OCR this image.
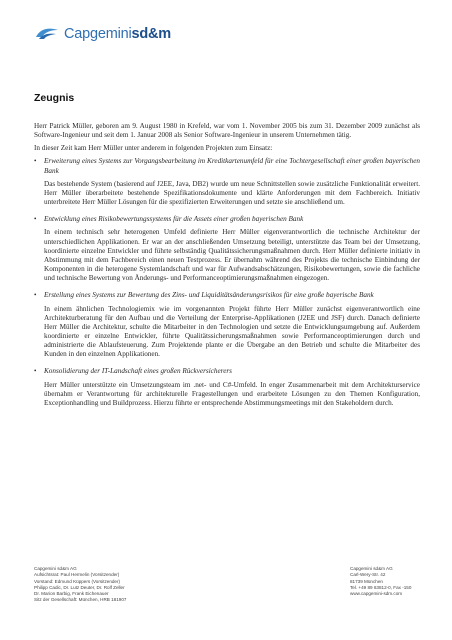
Capgeminisd&m
Zeugnis

Herr Patrick Müller, geboren am 9. August 1980 in Krefeld, war vom 1. November 2005 bis zum 31. Dezember 2009 zunächst als Software-Ingenieur und seit dem 1. Januar 2008 als Senior Software-Ingenieur in unserem Unternehmen tätig.

In dieser Zeit kam Herr Müller unter anderem in folgenden Projekten zum Einsatz:

•	Erweiterung eines Systems zur Vorgangsbearbeitung im Kreditkartenumfeld für eine Tochtergesellschaft einer großen bayerischen Bank

Das bestehende System (basierend auf J2EE, Java, DB2) wurde um neue Schnittstellen sowie zusätzliche Funktionalität erweitert. Herr Müller überarbeitete bestehende Spezifikationsdokumente und klärte Anforderungen mit dem Fachbereich. Initiativ unterbreitete Herr Müller Lösungen für die spezifizierten Erweiterungen und setzte sie anschließend um.

•	Entwicklung eines Risikobewertungssystems für die Assets einer großen bayerischen Bank

In einem technisch sehr heterogenen Umfeld definierte Herr Müller eigenverantwortlich die technische Architektur der unterschiedlichen Applikationen. Er war an der anschließenden Umsetzung beteiligt, unterstützte das Team bei der Umsetzung, koordinierte einzelne Entwickler und führte selbständig Qualitätssicherungsmaßnahmen durch. Herr Müller definierte initiativ in Abstimmung mit dem Fachbereich einen neuen Testprozess. Er übernahm während des Projekts die technische Einbindung der Komponenten in die heterogene Systemlandschaft und war für Aufwandsabschätzungen, Risikobewertungen, sowie die fachliche und technische Bewertung von Änderungs- und Performanceoptimierungsmaßnahmen eingezogen.

•	Erstellung eines Systems zur Bewertung des Zins- und Liquiditätsänderungsrisikos für eine große bayerische Bank

In einem ähnlichen Technologiemix wie im vorgenannten Projekt führte Herr Müller zunächst eigenverantwortlich eine Architekturberatung für den Aufbau und die Verteilung der Enterprise-Applikationen (J2EE und JSF) durch. Danach definierte Herr Müller die Architektur, schulte die Mitarbeiter in den Technologien und setzte die Entwicklungsumgebung auf. Außerdem koordinierte er einzelne Entwickler, führte Qualitätssicherungsmaßnahmen sowie Performanceoptimierungen durch und administrierte die Ablaufsteuerung. Zum Projektende plante er die Übergabe an den Betrieb und schulte die Mitarbeiter des Kunden in den einzelnen Applikationen.

•	Konsolidierung der IT-Landschaft eines großen Rückversicherers

Herr Müller unterstützte ein Umsetzungsteam im .net- und C#-Umfeld. In enger Zusammenarbeit mit dem Architekturservice übernahm er Verantwortung für architekturelle Fragestellungen und erarbeitete Lösungen zu den Themen Konfiguration, Exceptionhandling und Buildprozess. Hierzu führte er entsprechende Abstimmungsmeetings mit den Stakeholdern durch.

Capgemini sd&m AG
Aufsichtsrat: Paul Hermelin (Vorsitzender)
Vorstand: Edmund Küppers (Vorsitzender)
Philipp Cadic, Dr. Lutz Deuter, Dr. Rolf Zeller
Dr. Marion Barbig, Frank Eichenauer
Sitz der Gesellschaft: München, HRB 181907
Capgemini sd&m AG
Carl-Wery-Str. 42
81739 München
Tel. +49 89 63812-0, Fax -150
www.capgemini-sdm.com
